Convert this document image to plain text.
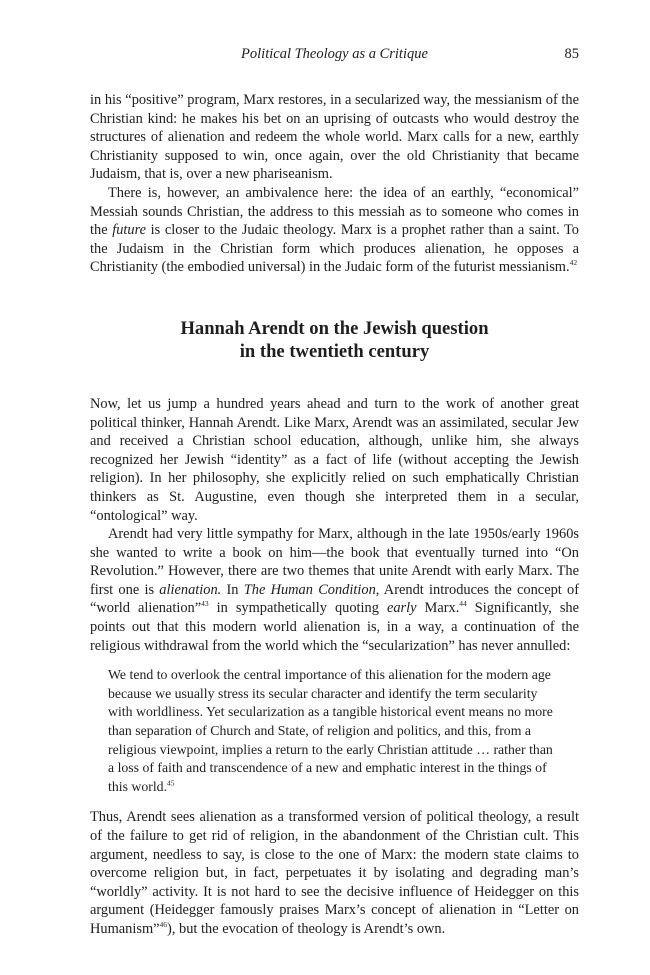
Political Theology as a Critique	85

in his “positive” program, Marx restores, in a secularized way, the messianism of the Christian kind: he makes his bet on an uprising of outcasts who would destroy the structures of alienation and redeem the whole world. Marx calls for a new, earthly Christianity supposed to win, once again, over the old Christianity that became Judaism, that is, over a new phariseanism.

There is, however, an ambivalence here: the idea of an earthly, “economical” Messiah sounds Christian, the address to this messiah as to someone who comes in the future is closer to the Judaic theology. Marx is a prophet rather than a saint. To the Judaism in the Christian form which produces alienation, he opposes a Christianity (the embodied universal) in the Judaic form of the futurist messianism.$^{42}$

Hannah Arendt on the Jewish question
in the twentieth century

Now, let us jump a hundred years ahead and turn to the work of another great political thinker, Hannah Arendt. Like Marx, Arendt was an assimilated, secular Jew and received a Christian school education, although, unlike him, she always recognized her Jewish “identity” as a fact of life (without accepting the Jewish religion). In her philosophy, she explicitly relied on such emphatically Christian thinkers as St. Augustine, even though she interpreted them in a secular, “ontological” way.

Arendt had very little sympathy for Marx, although in the late 1950s/early 1960s she wanted to write a book on him—the book that eventually turned into “On Revolution.” However, there are two themes that unite Arendt with early Marx. The first one is alienation. In The Human Condition, Arendt introduces the concept of “world alienation”$^{43}$ in sympathetically quoting early Marx.$^{44}$ Significantly, she points out that this modern world alienation is, in a way, a continuation of the religious withdrawal from the world which the “secularization” has never annulled:

We tend to overlook the central importance of this alienation for the modern age because we usually stress its secular character and identify the term secularity with worldliness. Yet secularization as a tangible historical event means no more than separation of Church and State, of religion and politics, and this, from a religious viewpoint, implies a return to the early Christian attitude … rather than a loss of faith and transcendence of a new and emphatic interest in the things of this world.$^{45}$

Thus, Arendt sees alienation as a transformed version of political theology, a result of the failure to get rid of religion, in the abandonment of the Christian cult. This argument, needless to say, is close to the one of Marx: the modern state claims to overcome religion but, in fact, perpetuates it by isolating and degrading man’s “worldly” activity. It is not hard to see the decisive influence of Heidegger on this argument (Heidegger famously praises Marx’s concept of alienation in “Letter on Humanism”$^{46}$), but the evocation of theology is Arendt’s own.
